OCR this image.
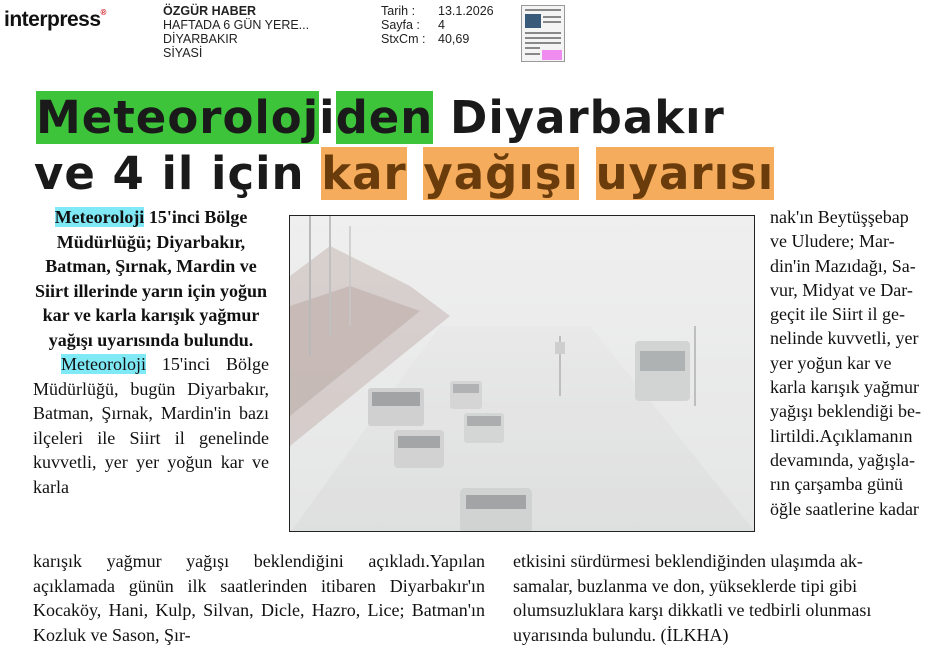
interpress®	ÖZGÜR HABER
HAFTADA 6 GÜN YERE...
DİYARBAKIR
SİYASİ
Tarih :	13.1.2026
Sayfa :	4
StxCm :	40,69
Meteorolojiden Diyarbakır
ve 4 il için kar yağışı uyarısı
Meteoroloji 15'inci Bölge Müdürlüğü; Diyarbakır, Batman, Şırnak, Mardin ve Siirt illerinde yarın için yoğun kar ve karla karışık yağmur yağışı uyarısında bulundu.
Meteoroloji 15'inci Bölge Müdürlüğü, bugün Diyarbakır, Batman, Şırnak, Mardin'in bazı ilçeleri ile Siirt il genelinde kuvvetli, yer yer yoğun kar ve karla
nak'ın Beytüşşebap
ve Uludere; Mar-
din'in Mazıdağı, Sa-
vur, Midyat ve Dar-
geçit ile Siirt il ge-
nelinde kuvvetli, yer
yer yoğun kar ve
karla karışık yağmur
yağışı beklendiği be-
lirtildi.Açıklamanın
devamında, yağışla-
rın çarşamba günü
öğle saatlerine kadar
karışık yağmur yağışı beklendiğini açıkladı.Yapılan açıklamada günün ilk saatlerinden itibaren Diyarbakır'ın Kocaköy, Hani, Kulp, Silvan, Dicle, Hazro, Lice; Batman'ın Kozluk ve Sason, Şır-
etkisini sürdürmesi beklendiğinden ulaşımda ak-
samalar, buzlanma ve don, yükseklerde tipi gibi
olumsuzluklara karşı dikkatli ve tedbirli olunması
uyarısında bulundu. (İLKHA)
